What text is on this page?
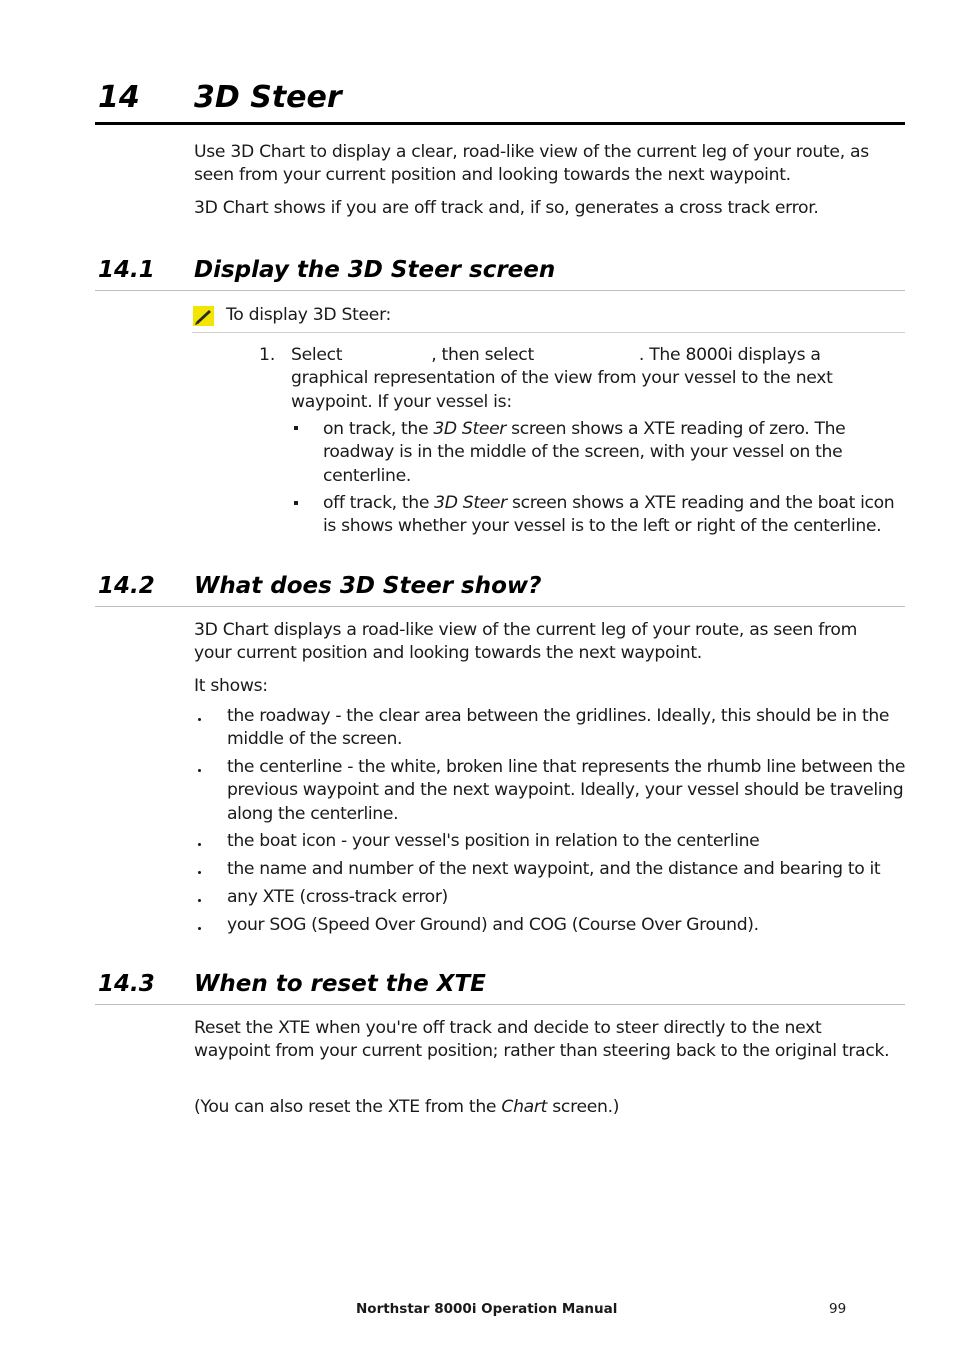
14 3D Steer

Use 3D Chart to display a clear, road-like view of the current leg of your route, as seen from your current position and looking towards the next waypoint.

3D Chart shows if you are off track and, if so, generates a cross track error.

14.1 Display the 3D Steer screen
To display 3D Steer:
1. Select	, then select	. The 8000i displays a graphical representation of the view from your vessel to the next waypoint. If your vessel is:

on track, the 3D Steer screen shows a XTE reading of zero. The roadway is in the middle of the screen, with your vessel on the centerline.

off track, the 3D Steer screen shows a XTE reading and the boat icon is shows whether your vessel is to the left or right of the centerline.

14.2 What does 3D Steer show?

3D Chart displays a road-like view of the current leg of your route, as seen from your current position and looking towards the next waypoint.

It shows:

the roadway - the clear area between the gridlines. Ideally, this should be in the middle of the screen.

the centerline - the white, broken line that represents the rhumb line between the previous waypoint and the next waypoint. Ideally, your vessel should be traveling along the centerline.

the boat icon - your vessel's position in relation to the centerline

the name and number of the next waypoint, and the distance and bearing to it

any XTE (cross-track error)

your SOG (Speed Over Ground) and COG (Course Over Ground).

14.3 When to reset the XTE

Reset the XTE when you're off track and decide to steer directly to the next waypoint from your current position; rather than steering back to the original track.

(You can also reset the XTE from the Chart screen.)

Northstar 8000i Operation Manual	99
